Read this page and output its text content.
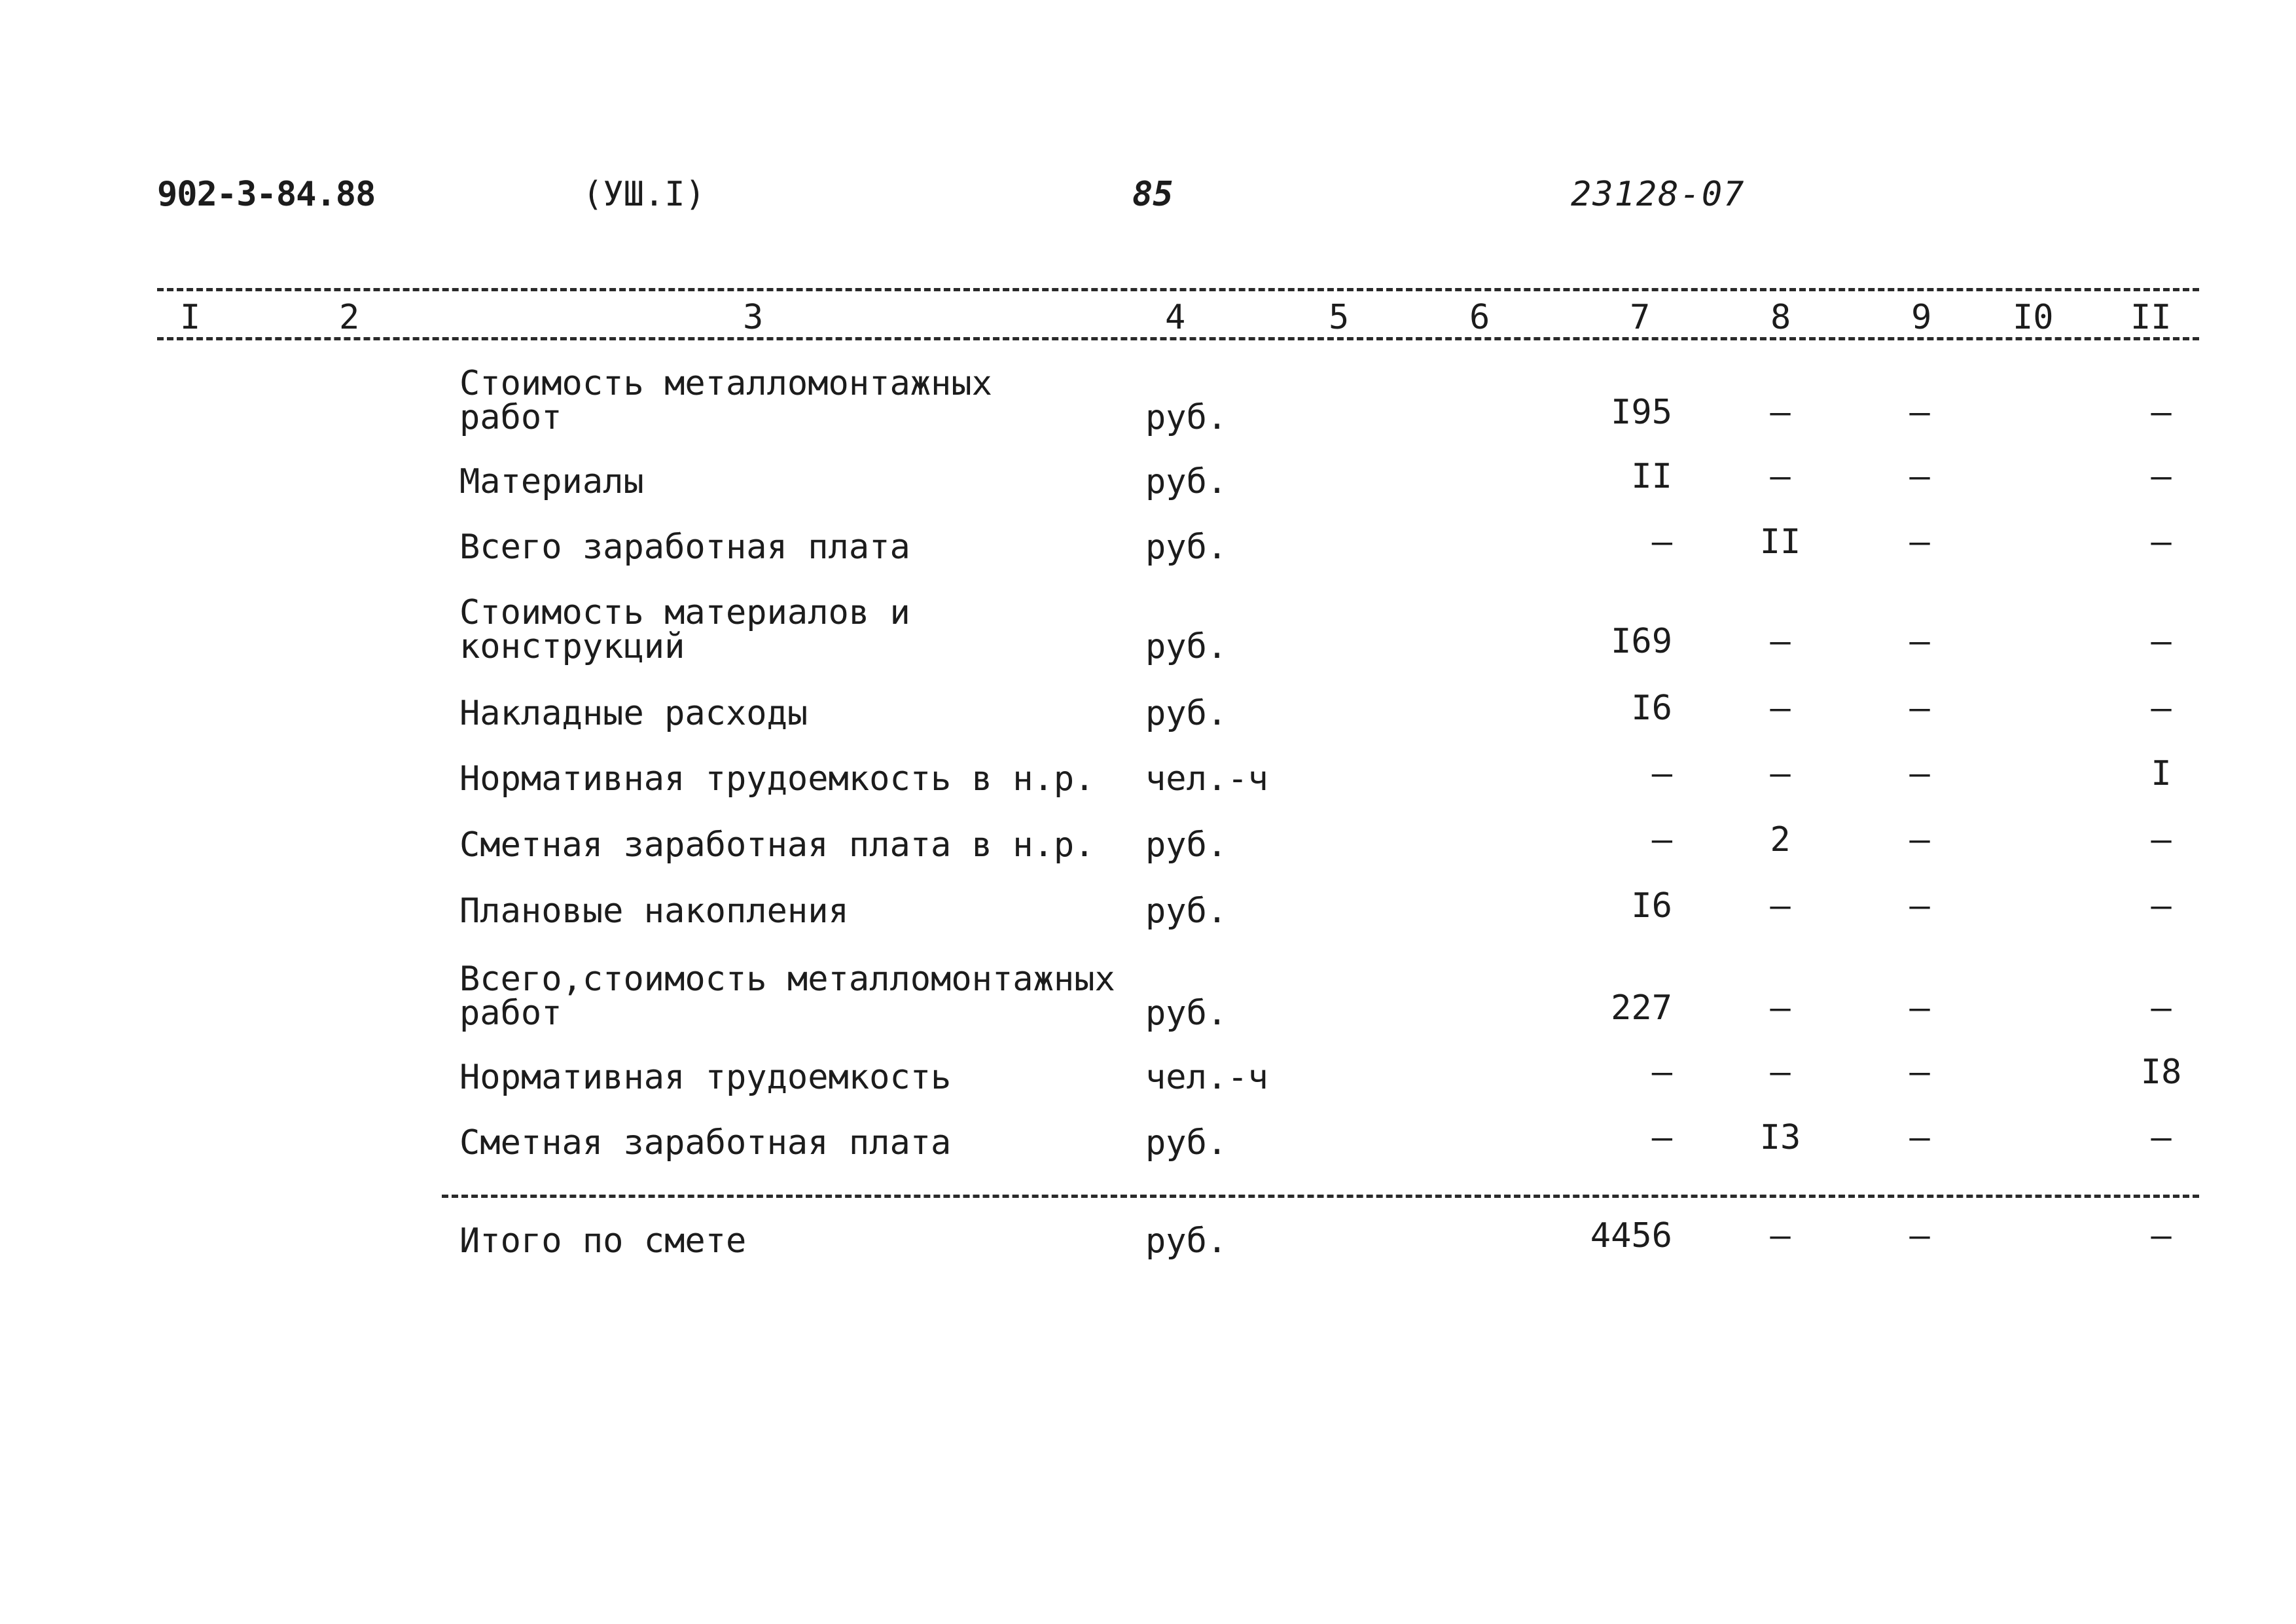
902-3-84.88	(УШ.I)	85	23128-07
I	2	3	4	5	6	7	8	9 I0 II
Стоимость металломонтажных
работ	руб.	I95	–	–	–
Материалы	руб.	II	–	–	–
Всего заработная плата	руб.	–	II	–	–
Стоимость материалов и
конструкций	руб.	I69	–	–	–
Накладные расходы	руб.	I6	–	–	–
Нормативная трудоемкость в н.р.	чел.-ч	–	–	–	I
Сметная заработная плата в н.р.	руб.	–	2	–	–
Плановые накопления	руб.	I6	–	–	–
Всего,стоимость металломонтажных
работ	руб.	227	–	–	–
Нормативная трудоемкость	чел.-ч	–	–	–	I8
Сметная заработная плата	руб.	–	I3	–	–
Итого по смете	руб.	4456	–	–	–
